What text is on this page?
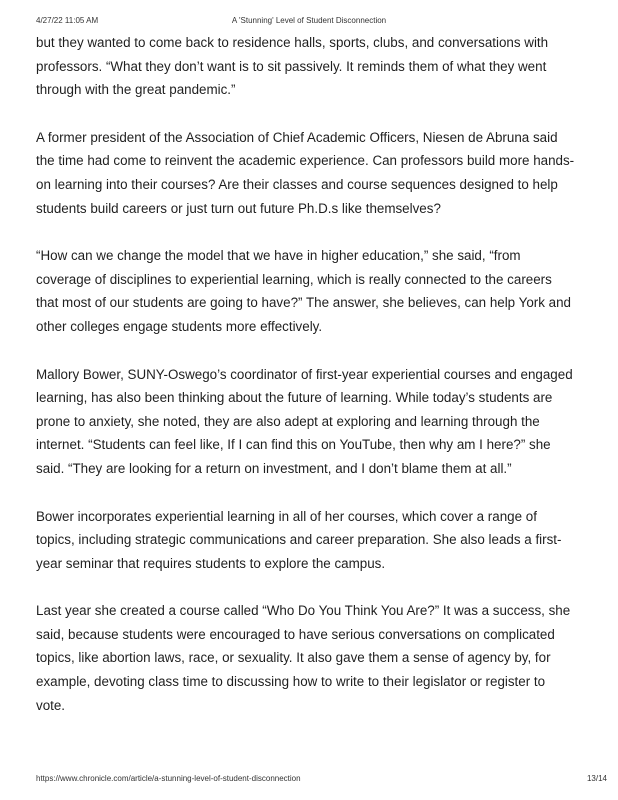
4/27/22 11:05 AM	A 'Stunning' Level of Student Disconnection

but they wanted to come back to residence halls, sports, clubs, and conversations with
professors. “What they don’t want is to sit passively. It reminds them of what they went
through with the great pandemic.”

A former president of the Association of Chief Academic Officers, Niesen de Abruna said
the time had come to reinvent the academic experience. Can professors build more hands-
on learning into their courses? Are their classes and course sequences designed to help
students build careers or just turn out future Ph.D.s like themselves?

“How can we change the model that we have in higher education,” she said, “from
coverage of disciplines to experiential learning, which is really connected to the careers
that most of our students are going to have?” The answer, she believes, can help York and
other colleges engage students more effectively.

Mallory Bower, SUNY-Oswego’s coordinator of first-year experiential courses and engaged
learning, has also been thinking about the future of learning. While today’s students are
prone to anxiety, she noted, they are also adept at exploring and learning through the
internet. “Students can feel like, If I can find this on YouTube, then why am I here?” she
said. “They are looking for a return on investment, and I don’t blame them at all.”

Bower incorporates experiential learning in all of her courses, which cover a range of
topics, including strategic communications and career preparation. She also leads a first-
year seminar that requires students to explore the campus.

Last year she created a course called “Who Do You Think You Are?” It was a success, she
said, because students were encouraged to have serious conversations on complicated
topics, like abortion laws, race, or sexuality. It also gave them a sense of agency by, for
example, devoting class time to discussing how to write to their legislator or register to
vote.

https://www.chronicle.com/article/a-stunning-level-of-student-disconnection	13/14
